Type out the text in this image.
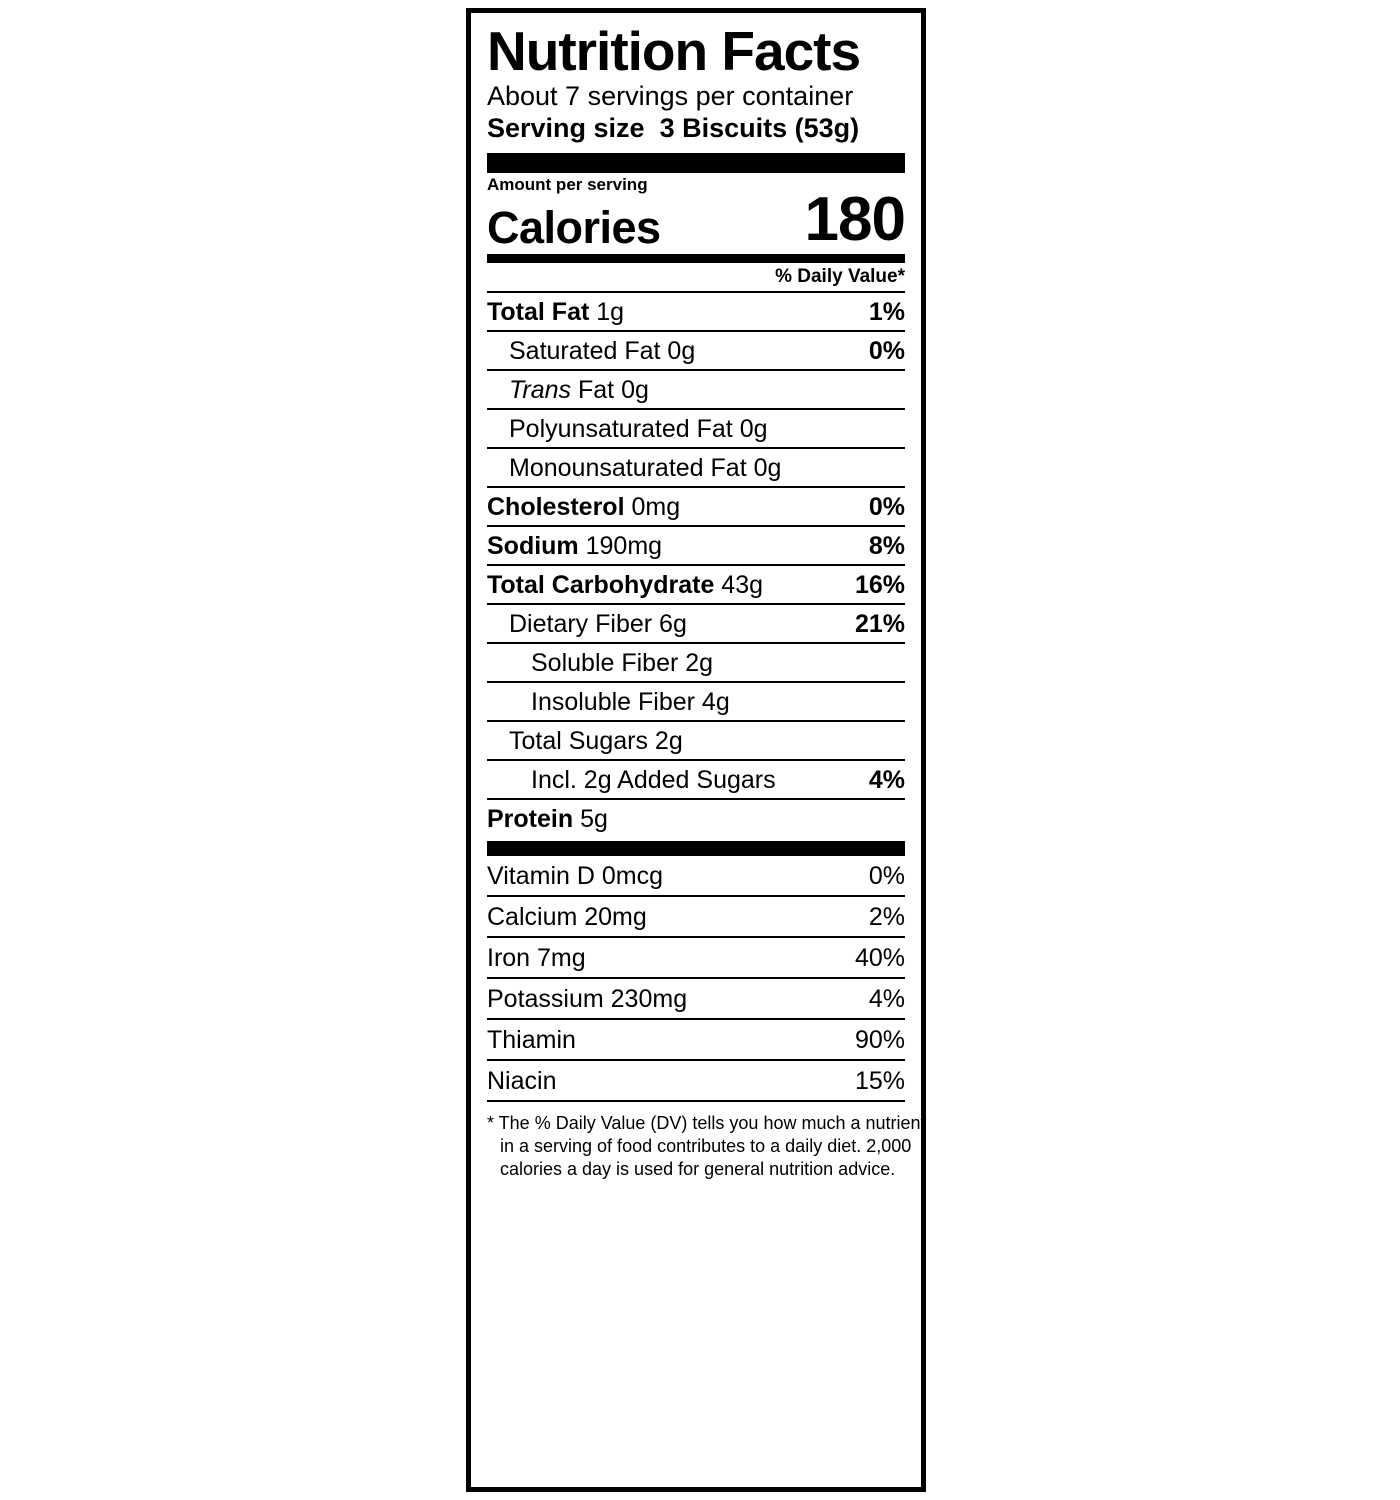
Nutrition Facts
About 7 servings per container
Serving size 3 Biscuits (53g)
Amount per serving
Calories 180
% Daily Value*
Total Fat 1g	1%
Saturated Fat 0g	0%
Trans Fat 0g
Polyunsaturated Fat 0g
Monounsaturated Fat 0g
Cholesterol 0mg	0%
Sodium 190mg	8%
Total Carbohydrate 43g	16%
Dietary Fiber 6g	21%
Soluble Fiber 2g
Insoluble Fiber 4g
Total Sugars 2g
Incl. 2g Added Sugars	4%
Protein 5g
Vitamin D 0mcg	0%
Calcium 20mg	2%
Iron 7mg	40%
Potassium 230mg	4%
Thiamin	90%
Niacin	15%
* The % Daily Value (DV) tells you how much a nutrient
in a serving of food contributes to a daily diet. 2,000
calories a day is used for general nutrition advice.
